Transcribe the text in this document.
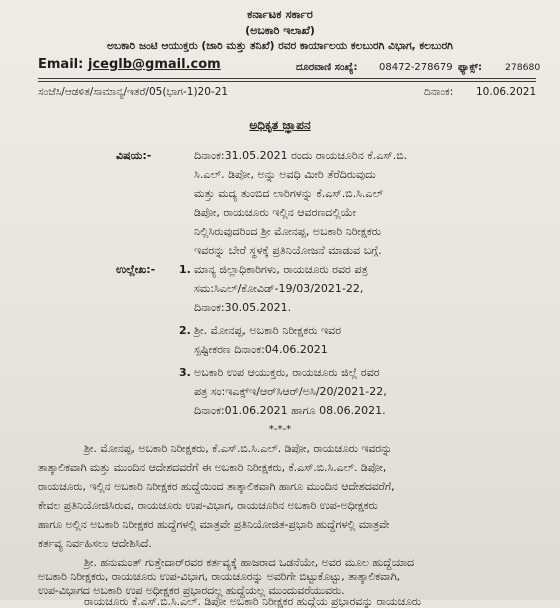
ಕರ್ನಾಟಕ ಸರ್ಕಾರ
(ಅಬಕಾರಿ ಇಲಾಖೆ)
ಅಬಕಾರಿ ಜಂಟಿ ಆಯುಕ್ತರು (ಜಾರಿ ಮತ್ತು ತನಿಖೆ) ರವರ ಕಾರ್ಯಾಲಯ ಕಲಬುರಗಿ ವಿಭಾಗ, ಕಲಬುರಗಿ
Email: jceglb@gmail.com	ದೂರವಾಣಿ ಸಂಖ್ಯೆ: 08472-278679 ಫ್ಯಾಕ್ಸ್: 278680
ಸಂಜೆಸಿ/ಆಡಳಿತ/ಸಾಮಾನ್ಯ/ಇತರೆ/05(ಭಾಗ-1)20-21	ದಿನಾಂಕ: 10.06.2021
ಅಧಿಕೃತ ಜ್ಞಾಪನ
ವಿಷಯ:-	ದಿನಾಂಕ:31.05.2021 ರಂದು ರಾಯಚೂರಿನ ಕೆ.ಎಸ್.ಬಿ.
ಸಿ.ಎಲ್. ಡಿಪೋ, ಅನ್ನು ಅವಧಿ ಮೀರಿ ತೆರೆದಿರುವುದು
ಮತ್ತು ಮದ್ಯ ತುಂಬಿದ ಲಾರಿಗಳನ್ನು ಕೆ.ಎಸ್.ಬಿ.ಸಿ.ಎಲ್
ಡಿಪೋ, ರಾಯಚೂರು ಇಲ್ಲಿನ ಆವರಣದಲ್ಲಿಯೇ
ನಿಲ್ಲಿಸಿರುವುದರಿಂದ ಶ್ರೀ ಮೋನಪ್ಪ, ಅಬಕಾರಿ ನಿರೀಕ್ಷಕರು
ಇವರನ್ನು ಬೇರೆ ಸ್ಥಳಕ್ಕೆ ಪ್ರತಿನಿಯೋಜನೆ ಮಾಡುವ ಬಗ್ಗೆ.
ಉಲ್ಲೇಖ:- 1. ಮಾನ್ಯ ಜಿಲ್ಲಾಧಿಕಾರಿಗಳು, ರಾಯಚೂರು ರವರ ಪತ್ರ
ಸಮ:ಸಿಎಲ್/ಕೋವಿಡ್-19/03/2021-22,
ದಿನಾಂಕ:30.05.2021.
2. ಶ್ರೀ. ಮೋನಪ್ಪ, ಅಬಕಾರಿ ನಿರೀಕ್ಷಕರು ಇವರ
ಸ್ಪಷ್ಟೀಕರಣ ದಿನಾಂಕ:04.06.2021
3. ಅಬಕಾರಿ ಉಪ ಆಯುಕ್ತರು, ರಾಯಚೂರು ಜಿಲ್ಲೆ ರವರ
ಪತ್ರ ಸಂ:ಇಎಕ್ಸ್‌ಇ/ಆರ್‌ಸಿಆರ್/ಅಸಿ/20/2021-22,
ದಿನಾಂಕ:01.06.2021 ಹಾಗೂ 08.06.2021.
*-*-*
ಶ್ರೀ. ಮೋನಪ್ಪ, ಅಬಕಾರಿ ನಿರೀಕ್ಷಕರು, ಕೆ.ಎಸ್.ಬಿ.ಸಿ.ಎಲ್. ಡಿಪೋ, ರಾಯಚೂರು ಇವರನ್ನು
ತಾತ್ಕಾಲಿಕವಾಗಿ ಮತ್ತು ಮುಂದಿನ ಆದೇಶದವರೆಗೆ ಈ ಅಬಕಾರಿ ನಿರೀಕ್ಷಕರು, ಕೆ.ಎಸ್.ಬಿ.ಸಿ.ಎಲ್. ಡಿಪೋ,
ರಾಯಚೂರು, ಇಲ್ಲಿನ ಅಬಕಾರಿ ನಿರೀಕ್ಷಕರ ಹುದ್ದೆಯಿಂದ ತಾತ್ಕಾಲಿಕವಾಗಿ ಹಾಗೂ ಮುಂದಿನ ಆದೇಶದವರೆಗೆ,
ಕೇವಲ ಪ್ರತಿನಿಯೋಜಿಸಿರುವ, ರಾಯಚೂರು ಉಪ-ವಿಭಾಗ, ರಾಯಚೂರಿನ ಅಬಕಾರಿ ಉಪ-ಅಧೀಕ್ಷಕರು
ಹಾಗೂ ಅಲ್ಲಿನ ಅಬಕಾರಿ ನಿರೀಕ್ಷಕರ ಹುದ್ದೆಗಳಲ್ಲಿ ಮಾತ್ರವೇ ಪ್ರತಿನಿಯೋಜಿತ-ಪ್ರಭಾರಿ ಹುದ್ದೆಗಳಲ್ಲಿ ಮಾತ್ರವೇ
ಕರ್ತವ್ಯ ನಿರ್ವಹಿಸಲು ಆದೇಶಿಸಿದೆ.
ಶ್ರೀ. ಹನುಮಂತ್ ಗುತ್ತೇದಾರ್‌ರವರ ಕರ್ತವ್ಯಕ್ಕೆ ಹಾಜರಾದ ಒಡನೆಯೇ, ಅವರ ಮೂಲ ಹುದ್ದೆಯಾದ
ಅಬಕಾರಿ ನಿರೀಕ್ಷಕರು, ರಾಯಚೂರು ಉಪ-ವಿಭಾಗ, ರಾಯಚೂರನ್ನು ಅವರಿಗೇ ಬಿಟ್ಟುಕೊಟ್ಟು, ತಾತ್ಕಾಲಿಕವಾಗಿ,
ಉಪ-ವಿಭಾಗದ ಅಬಕಾರಿ ಉಪ ಅಧೀಕ್ಷಕರ ಪ್ರಭಾರದಲ್ಲ ಹುದ್ದೆಯಲ್ಲ ಮುಂದುವರೆಯುವರು.
ರಾಯಚೂರು ಕೆ.ಎಸ್.ಬಿ.ಸಿ.ಎಲ್. ಡಿಪೋ ಅಬಕಾರಿ ನಿರೀಕ್ಷಕರ ಹುದ್ದೆಯ ಪ್ರಭಾರವನ್ನು ರಾಯಚೂರು
